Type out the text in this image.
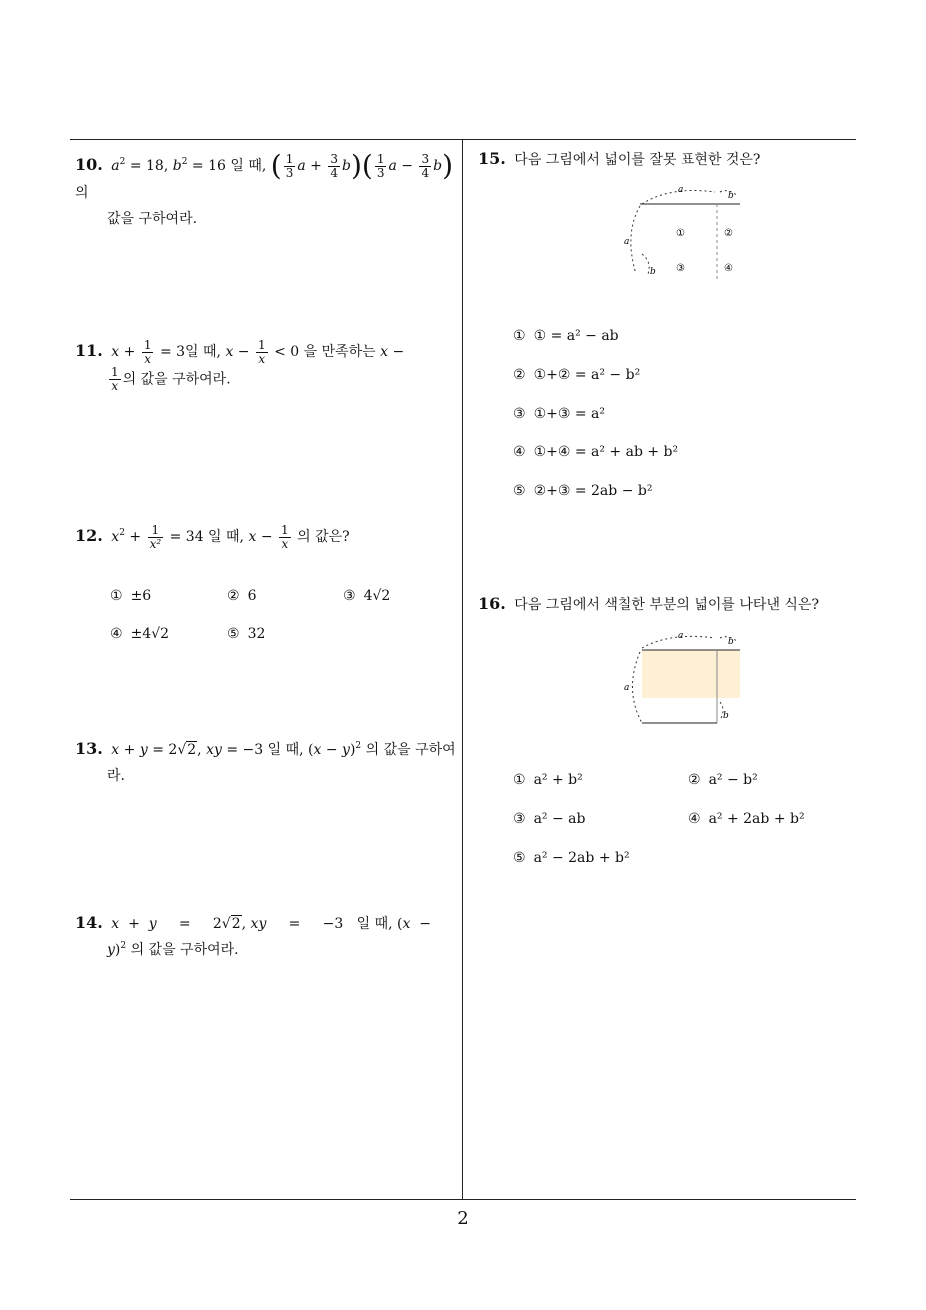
2
10. $a^2 = 18$, $b^2 = 16$ 일 때, ( $\frac{1}{3}$ $a + \frac{3}{4} b)( \frac{1}{3}$ $a - \frac{3}{4} b$) 의
값을 구하여라.
11. $x + \frac{1}{x} = 3$일 때, $x - \frac{1}{x} < 0$ 을 만족하는 x −
$\frac{1}{x}$ 의 값을 구하여라.
12. $x^2 + \frac{1}{\text{x²}} = 34$ 일 때, $x - \frac{1}{x}$ 의 값은?
① ±6	② 6	③ 4√2
④ ±4√2	⑤ 32
13. x + y = 2√2, xy = −3 일 때, $(x - y)^2$ 의 값을 구하여
라.
14. x  +  y     =     2√2, xy     =     −3   일 때, (x  −
y)$^2$ 의 값을 구하여라.
15. 다음 그림에서 넓이를 잘못 표현한 것은?
a
b
a
b
①	②
③	④
① ① = a² − ab
② ①+② = a² − b²
③ ①+③ = a²
④ ①+④ = a² + ab + b²
⑤ ②+③ = 2ab − b²
16. 다음 그림에서 색칠한 부분의 넓이를 나타낸 식은?
a
b
a
b
① a² + b²	② a² − b²
③ a² − ab	④ a² + 2ab + b²
⑤ a² − 2ab + b²
